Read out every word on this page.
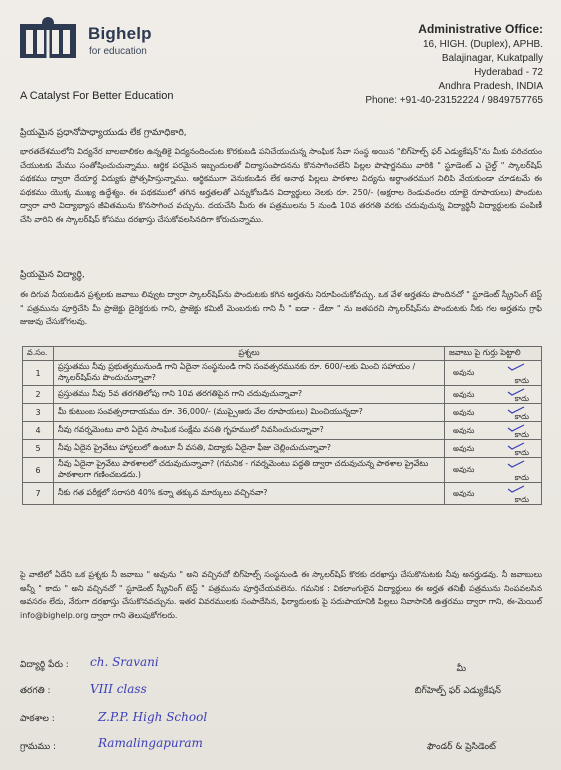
Bighelp
for education
A Catalyst For Better Education
Administrative Office:
16, HIGH. (Duplex), APHB.
Balajinagar, Kukatpally
Hyderabad - 72
Andhra Pradesh, INDIA
Phone: +91-40-23152224 / 9849757765
ప్రియమైన ప్రధానోపాధ్యాయుడు లేక గ్రామాధికారి,
భారతదేశములోని విద్యనేర బాలబాలికల ఉన్నతికై విద్యనందించుట కొరకుబడి పనిచేయుచున్న సాంఘిక సేవా సంస్థ అయిన "బిగ్‌హెల్ప్ ఫర్ ఎడ్యుకేషన్"ను మీకు పరిచయం చేయుటకు మేము సంతోషించుచున్నాము. ఆర్థిక పరమైన ఇబ్బందులతో విద్యాసంపాదనను కొనసాగించలేని పిల్లల పొషార్జనము వారికి " స్టూడెంట్ ఎ చైల్డ్ " స్కాలర్‌షిప్ పథకము ద్వారా దేయార్థ విద్యుకు ప్రోత్సహిస్తున్నాము. ఆర్థికముగా వెనుకబడిన లేక అనాథ పిల్లలు పాఠశాల విద్యను అర్థాంతరముగ నిలిపి వేయకుండా చూడటమే ఈ పథకము యొక్క ముఖ్య ఉద్దేశ్యం. ఈ పథకములో తగిన అర్హతలతో ఎన్నుకోబడిన విద్యార్థులు నెలకు రూ. 250/- (అక్షరాల రెండువందల యాభై రూపాయలు) పొందుట ద్వారా వారి విద్యాభ్యాస జీవితమును కొనసాగించ వచ్చును. దయచేసి మీరు ఈ పత్రములను 5 నుండి 10వ తరగతి వరకు చదువుచున్న విద్యార్థినీ విద్యార్థులకు పంపిణీ చేసి వారిని ఈ స్కాలర్‌షిప్ కోసము దరఖాస్తు చేసుకోవలసినదిగా కోరుచున్నాము.
ప్రియమైన విద్యార్థి,
ఈ దిగువ నీయబడిన ప్రశ్నలకు జవాబు లివ్వుట ద్వారా స్కాలర్‌షిప్‌ను పొందుటకు కగిన అర్హతను నిరూపించుకోవచ్చు. ఒక వేళ అర్హతను పొందినచో " స్టూడెంట్ స్క్రీనింగ్ టెస్ట్ " పత్రమును పూర్తిచేసి మీ ప్రాజెక్టు డైరెక్టరుకు గాని, ప్రాజెక్టు కమిటీ మెంబరుకు గాని నీ " ఐడా - డేటా " ను జతపరచి స్కాలర్‌షిప్‌ను పొందుటకు నీకు గల అర్హతను గ్రాఫి జుజువు చేసుకోగలవు.
వ.సం.	ప్రశ్నలు	జవాబు పై గుర్తు పెట్టాలి
1	ప్రస్తుతము నీవు ప్రభుత్వమునుండి గాని ఏదైనా సంస్థనుండి గాని సంవత్సరమునకు రూ. 600/-లకు మించి సహాయం / స్కాలర్‌షిప్‌ను పొందుచున్నావా?	అవును
కాదు

2	ప్రస్తుతము నీవు 5వ తరగతిలోపు గాని 10వ తరగతిపైన గాని చదువుచున్నావా?	అవును కాదు

3	మీ కుటుంబ సంవత్సరాదాయము రూ. 36,000/- (ముప్పైఆరు వేల రూపాయలు) మించియున్నదా?	అవును కాదు

4	నీవు గవర్నమెంటు వారి ఏదైన సాంఘిక సంక్షేమ వసతి గృహములో నివసించుచున్నావా?	అవును కాదు

5	నీవు ఏదైన ప్రైవేటు హాస్టలులో ఉంటూ నీ వసతి, విద్యాకు ఏదైనా ఫీజు చెల్లించుచున్నావా?	అవును కాదు

6	నీవు ఏదైనా ప్రైవేటు పాఠశాలలో చదువుచున్నావా? (గమనిక - గవర్నమెంటు పద్ధతి ద్వారా చదువుచున్న పాఠశాల ప్రైవేటు పాఠశాలగా గణించబడదు.)	అవును
కాదు

7	నీకు గత పరీక్షలో సరాసరి 40% కన్నా తక్కువ మార్కులు వచ్చినవా?	అవును
కాదు
పై వాటిలో ఏదేని ఒక ప్రశ్నకు నీ జవాబు " అవును " అని వచ్చినచో బిగ్‌హెల్ప్ సంస్థనుండి ఈ స్కాలర్‌షిప్ కొరకు దరఖాస్తు చేసుకొనుటకు నీవు అనర్హుడవు. నీ జవాబులు అన్నీ " కాదు " అని వచ్చినచో " స్టూడెంట్ స్క్రీనింగ్ టెస్ట్ " పత్రమును పూర్తిచేయవలెను. గమనిక : వికలాంగులైన విద్యార్థులు ఈ అర్హత తనిఖీ పత్రమును నింపవలసిన అవసరం లేదు, నేరుగా దరఖాస్తు చేసుకొనవచ్చును. ఇతర వివరములకు సంపాదేసిన, ఫిర్యాదులకు పై సదుపాయానికి పిల్లలు నివాసానికి ఉత్తరము ద్వారా గాని, ఈ-మెయిల్ info@bighelp.org ద్వారా గాని తెలుపుకోగలరు.
విద్యార్థి పేరు : ch. Sravani
తరగతి :	VIII class
పాఠశాల :	Z.P.P. High School
గ్రామము :	Ramalingapuram
మీ
బిగ్‌హెల్ప్ ఫర్ ఎడ్యుకేషన్
ఫౌండర్ & ప్రెసిడెంట్
